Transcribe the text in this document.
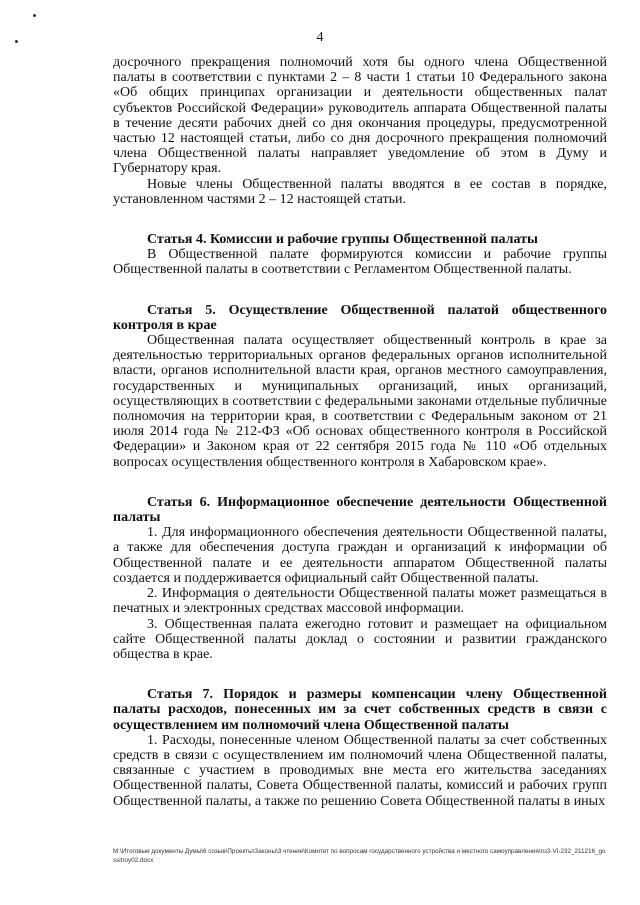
4

досрочного прекращения полномочий хотя бы одного члена Общественной палаты в соответствии с пунктами 2 – 8 части 1 статьи 10 Федерального закона «Об общих принципах организации и деятельности общественных палат субъектов Российской Федерации» руководитель аппарата Общественной палаты в течение десяти рабочих дней со дня окончания процедуры, предусмотренной частью 12 настоящей статьи, либо со дня досрочного прекращения полномочий члена Общественной палаты направляет уведомление об этом в Думу и Губернатору края.

Новые члены Общественной палаты вводятся в ее состав в порядке, установленном частями 2 – 12 настоящей статьи.

Статья 4. Комиссии и рабочие группы Общественной палаты

В Общественной палате формируются комиссии и рабочие группы Общественной палаты в соответствии с Регламентом Общественной палаты.

Статья 5. Осуществление Общественной палатой общественного контроля в крае

Общественная палата осуществляет общественный контроль в крае за деятельностью территориальных органов федеральных органов исполнительной власти, органов исполнительной власти края, органов местного самоуправления, государственных и муниципальных организаций, иных организаций, осуществляющих в соответствии с федеральными законами отдельные публичные полномочия на территории края, в соответствии с Федеральным законом от 21 июля 2014 года № 212-ФЗ «Об основах общественного контроля в Российской Федерации» и Законом края от 22 сентября 2015 года № 110 «Об отдельных вопросах осуществления общественного контроля в Хабаровском крае».

Статья 6. Информационное обеспечение деятельности Общественной палаты

1. Для информационного обеспечения деятельности Общественной палаты, а также для обеспечения доступа граждан и организаций к информации об Общественной палате и ее деятельности аппаратом Общественной палаты создается и поддерживается официальный сайт Общественной палаты.

2. Информация о деятельности Общественной палаты может размещаться в печатных и электронных средствах массовой информации.

3. Общественная палата ежегодно готовит и размещает на официальном сайте Общественной палаты доклад о состоянии и развитии гражданского общества в крае.

Статья 7. Порядок и размеры компенсации члену Общественной палаты расходов, понесенных им за счет собственных средств в связи с осуществлением им полномочий члена Общественной палаты

1. Расходы, понесенные членом Общественной палаты за счет собственных средств в связи с осуществлением им полномочий члена Общественной палаты, связанные с участием в проводимых вне места его жительства заседаниях Общественной палаты, Совета Общественной палаты, комиссий и рабочих групп Общественной палаты, а также по решению Совета Общественной палаты в иных

М:\Итоговые документы Думы\6 созыв\Проекты\Законы\3 чтение\Комитет по вопросам государственного устройства и местного самоуправления\пз3-VI-232_211216_gossitroy02.docx
